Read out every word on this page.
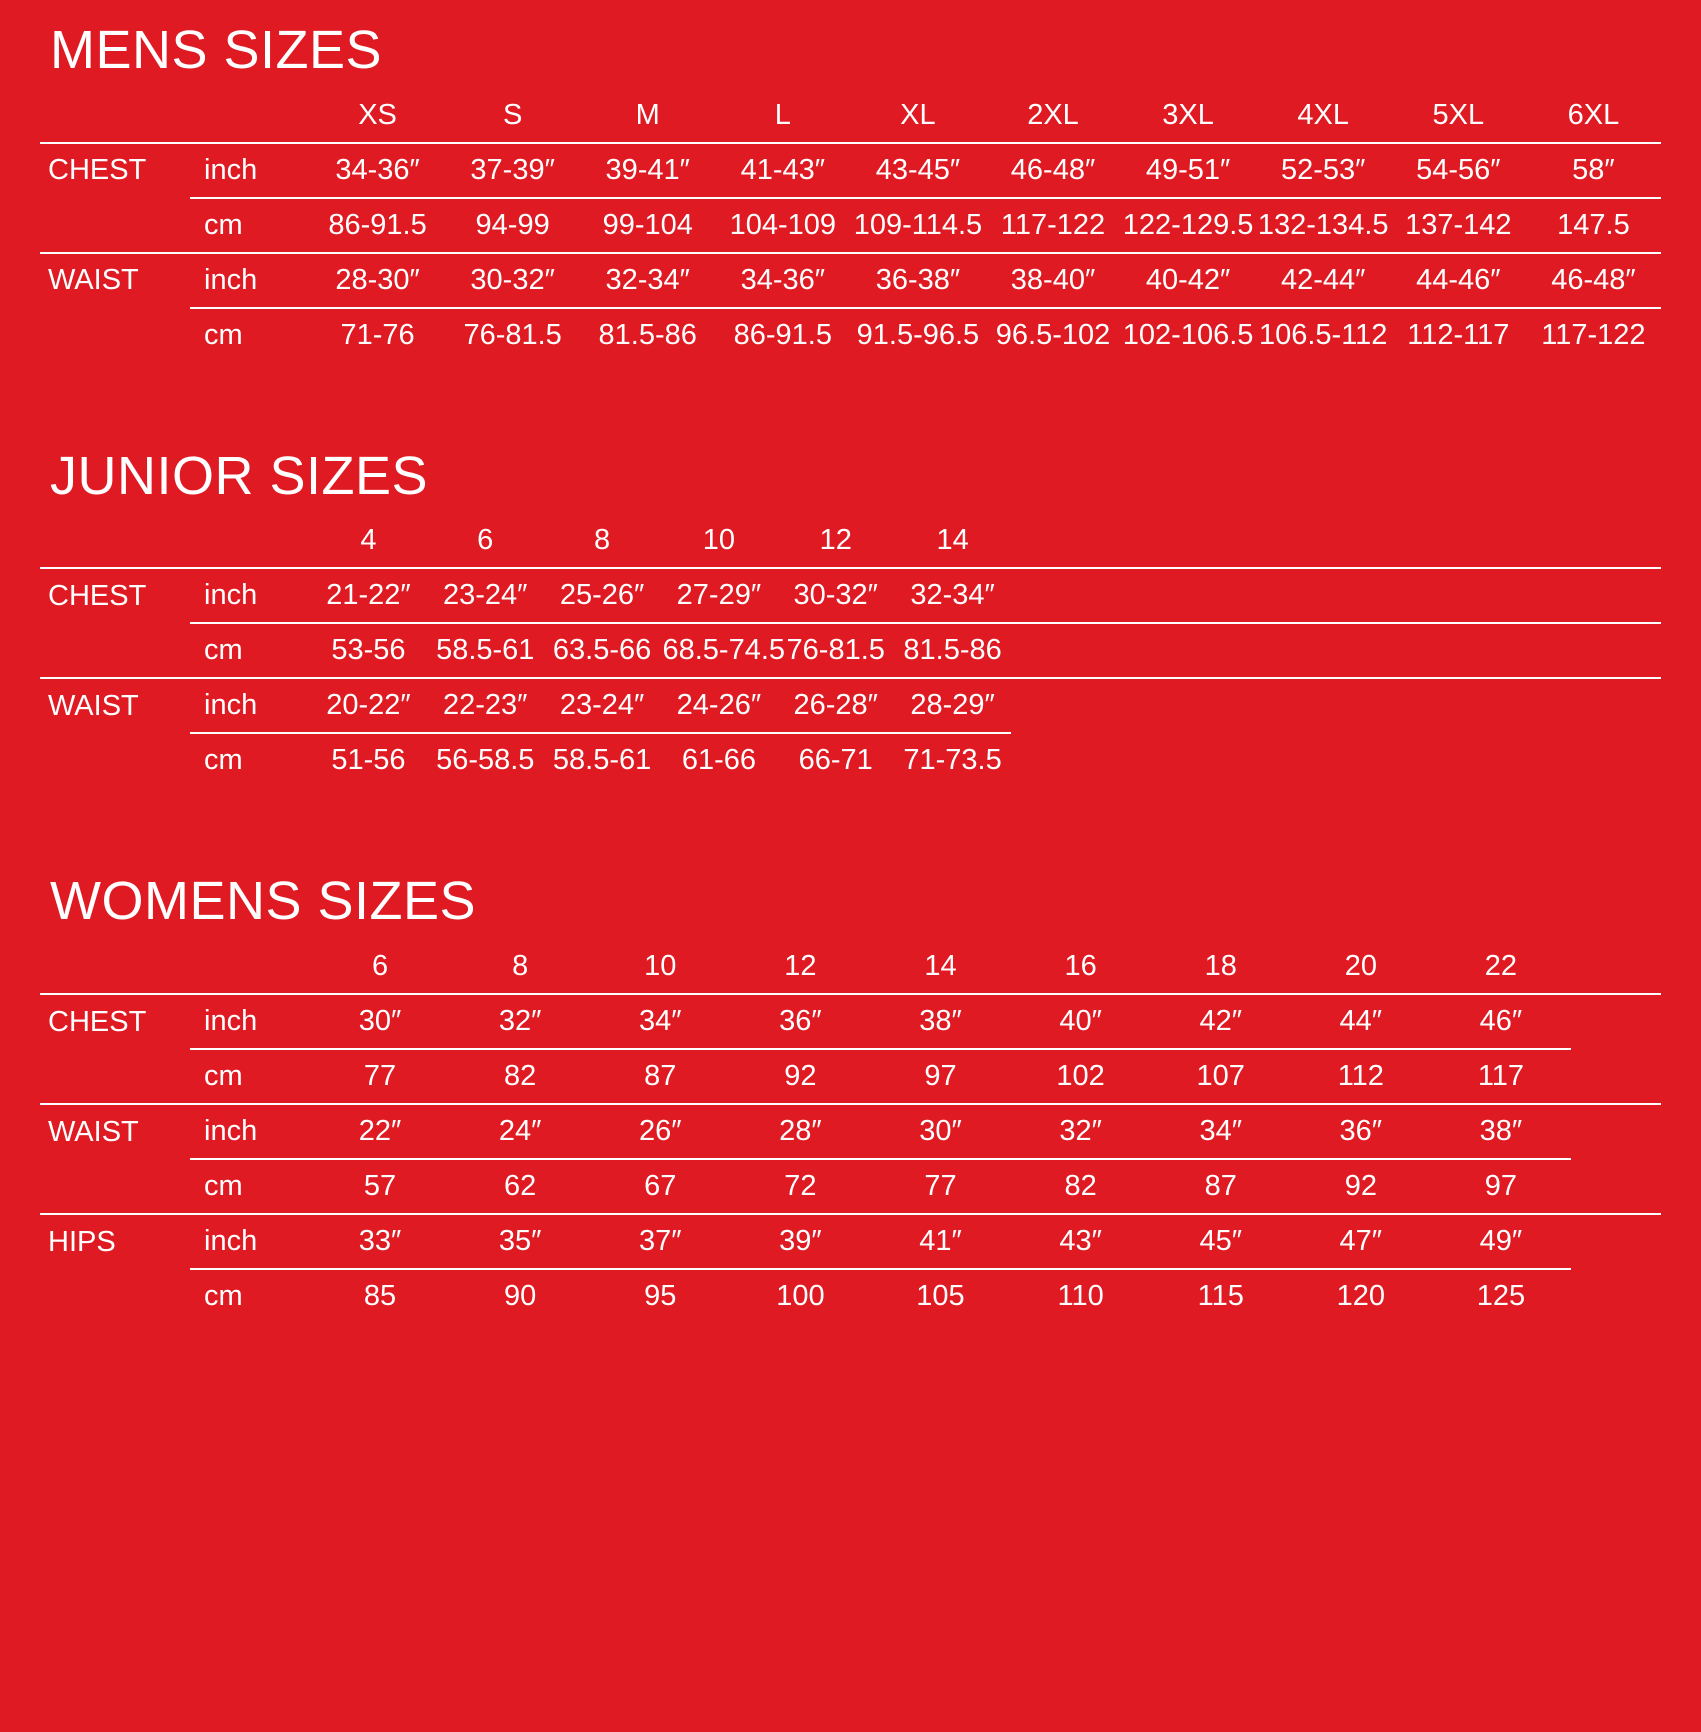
MENS SIZES
		XS	S	M	L	XL	2XL	3XL	4XL	5XL	6XL
CHEST	inch	34-36″	37-39″	39-41″	41-43″	43-45″	46-48″	49-51″	52-53″	54-56″	58″
	cm	86-91.5	94-99	99-104	104-109	109-114.5	117-122	122-129.5	132-134.5	137-142	147.5
WAIST	inch	28-30″	30-32″	32-34″	34-36″	36-38″	38-40″	40-42″	42-44″	44-46″	46-48″
	cm	71-76	76-81.5	81.5-86	86-91.5	91.5-96.5	96.5-102	102-106.5	106.5-112	112-117	117-122
JUNIOR SIZES
		4	6	8	10	12	14				
CHEST	inch	21-22″	23-24″	25-26″	27-29″	30-32″	32-34″				
	cm	53-56	58.5-61	63.5-66	68.5-74.5	76-81.5	81.5-86				
WAIST	inch	20-22″	22-23″	23-24″	24-26″	26-28″	28-29″				
	cm	51-56	56-58.5	58.5-61	61-66	66-71	71-73.5				
WOMENS SIZES
		6	8	10	12	14	16	18	20	22	
CHEST	inch	30″	32″	34″	36″	38″	40″	42″	44″	46″	
	cm	77	82	87	92	97	102	107	112	117	
WAIST	inch	22″	24″	26″	28″	30″	32″	34″	36″	38″	
	cm	57	62	67	72	77	82	87	92	97	
HIPS	inch	33″	35″	37″	39″	41″	43″	45″	47″	49″	
	cm	85	90	95	100	105	110	115	120	125	
